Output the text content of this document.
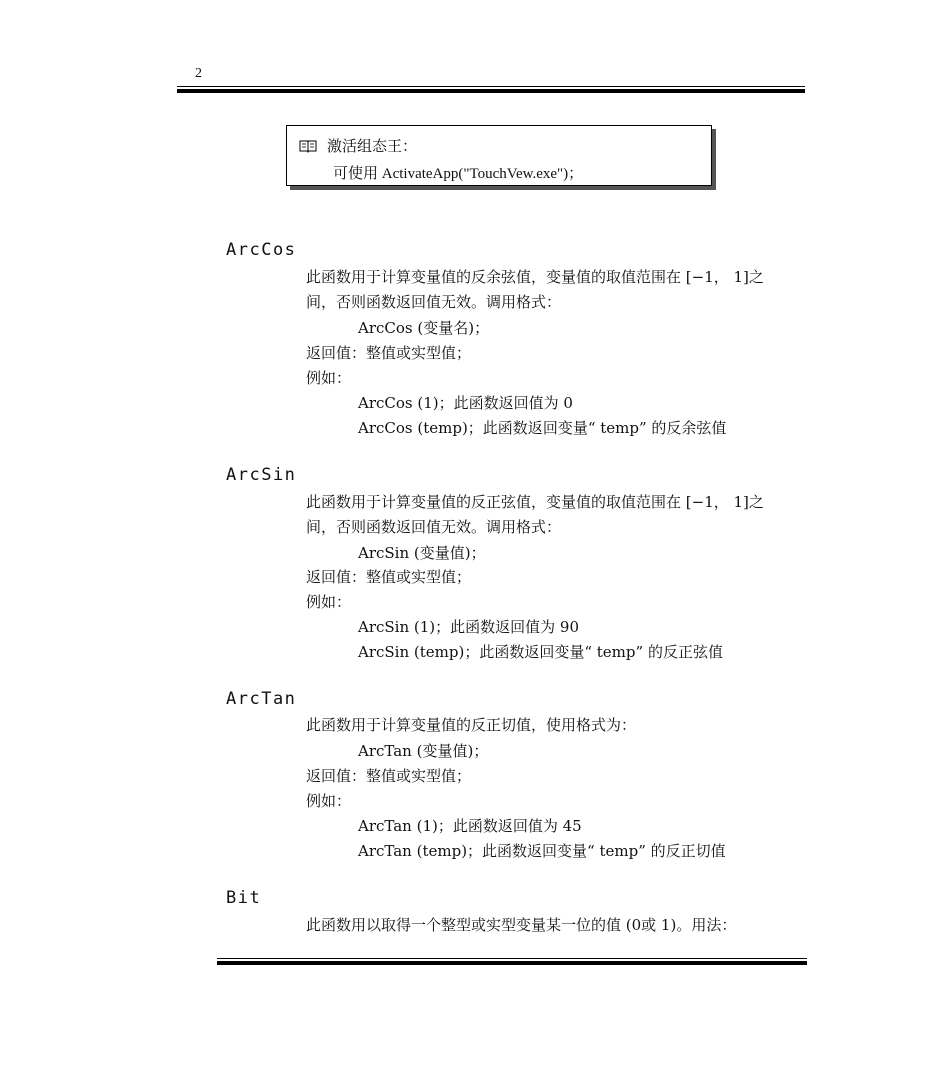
2
激活组态王：
可使用 ActivateApp("TouchVew.exe")；
ArcCos
此函数用于计算变量值的反余弦值，变量值的取值范围在 [−1， 1]之
间，否则函数返回值无效。调用格式：
ArcCos (变量名)；
返回值：整值或实型值；
例如：
ArcCos (1)；此函数返回值为 0
ArcCos (temp)；此函数返回变量“ temp” 的反余弦值
ArcSin
此函数用于计算变量值的反正弦值，变量值的取值范围在 [−1， 1]之
间，否则函数返回值无效。调用格式：
ArcSin (变量值)；
返回值：整值或实型值；
例如：
ArcSin (1)；此函数返回值为 90
ArcSin (temp)；此函数返回变量“ temp” 的反正弦值
ArcTan
此函数用于计算变量值的反正切值，使用格式为：
ArcTan (变量值)；
返回值：整值或实型值；
例如：
ArcTan (1)；此函数返回值为 45
ArcTan (temp)；此函数返回变量“ temp” 的反正切值
Bit
此函数用以取得一个整型或实型变量某一位的值 (0或 1)。用法：
